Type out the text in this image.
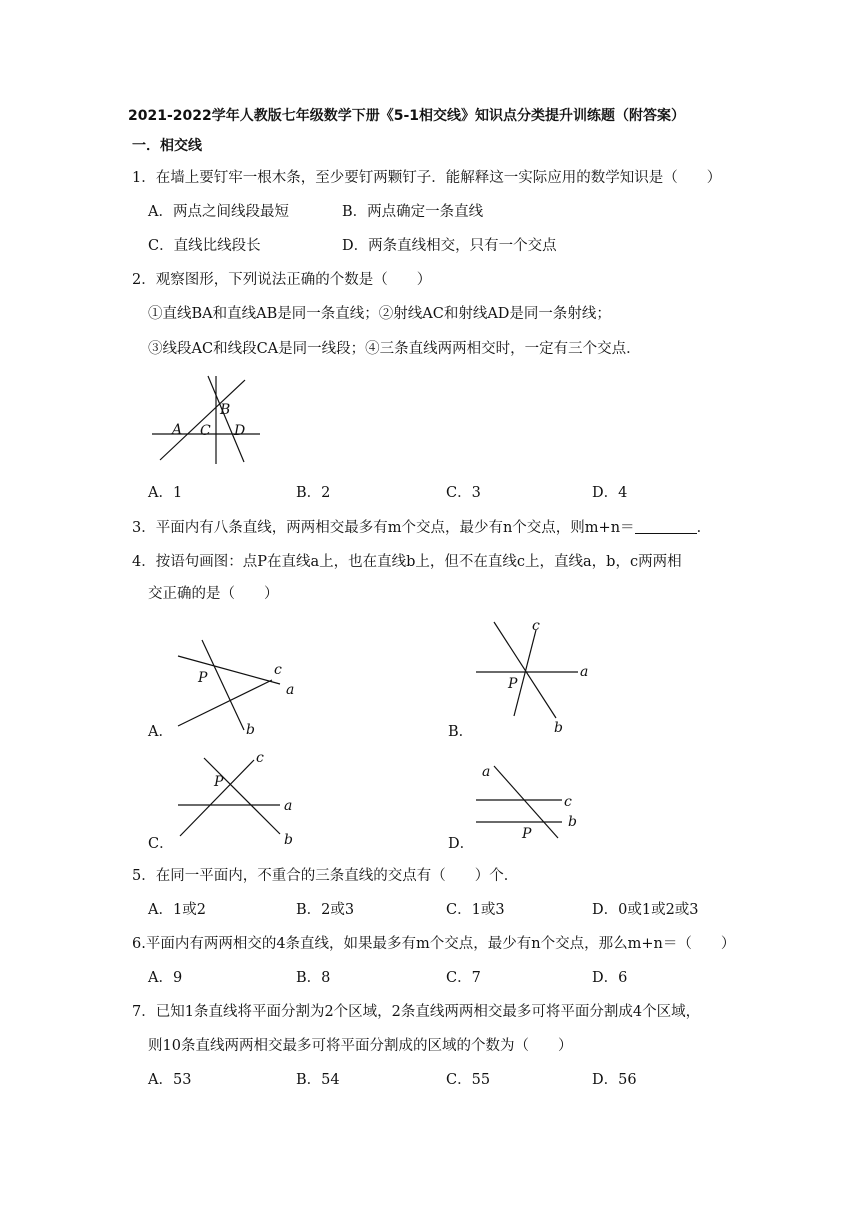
2021-2022学年人教版七年级数学下册《5-1相交线》知识点分类提升训练题（附答案）
一．相交线
1．在墙上要钉牢一根木条，至少要钉两颗钉子．能解释这一实际应用的数学知识是（　　）
A．两点之间线段最短	B．两点确定一条直线
C．直线比线段长	D．两条直线相交，只有一个交点
2．观察图形，下列说法正确的个数是（　　）
①直线BA和直线AB是同一条直线；②射线AC和射线AD是同一条射线；
③线段AC和线段CA是同一线段；④三条直线两两相交时，一定有三个交点．
A C
B
D
A．1	B．2	C．3	D．4
3．平面内有八条直线，两两相交最多有m个交点，最少有n个交点，则m+n＝	．
4．按语句画图：点P在直线a上，也在直线b上，但不在直线c上，直线a，b，c两两相
交正确的是（　　）
P	c
a
b
A．
P
c
a
b
B．
P
c
a
b
C．
a
c
b
P
D．
5．在同一平面内，不重合的三条直线的交点有（　　）个．
A．1或2	B．2或3	C．1或3	D．0或1或2或3
6.平面内有两两相交的4条直线，如果最多有m个交点，最少有n个交点，那么m+n＝（　　）
A．9	B．8	C．7	D．6
7．已知1条直线将平面分割为2个区域，2条直线两两相交最多可将平面分割成4个区域，
则10条直线两两相交最多可将平面分割成的区域的个数为（　　）
A．53	B．54	C．55	D．56
